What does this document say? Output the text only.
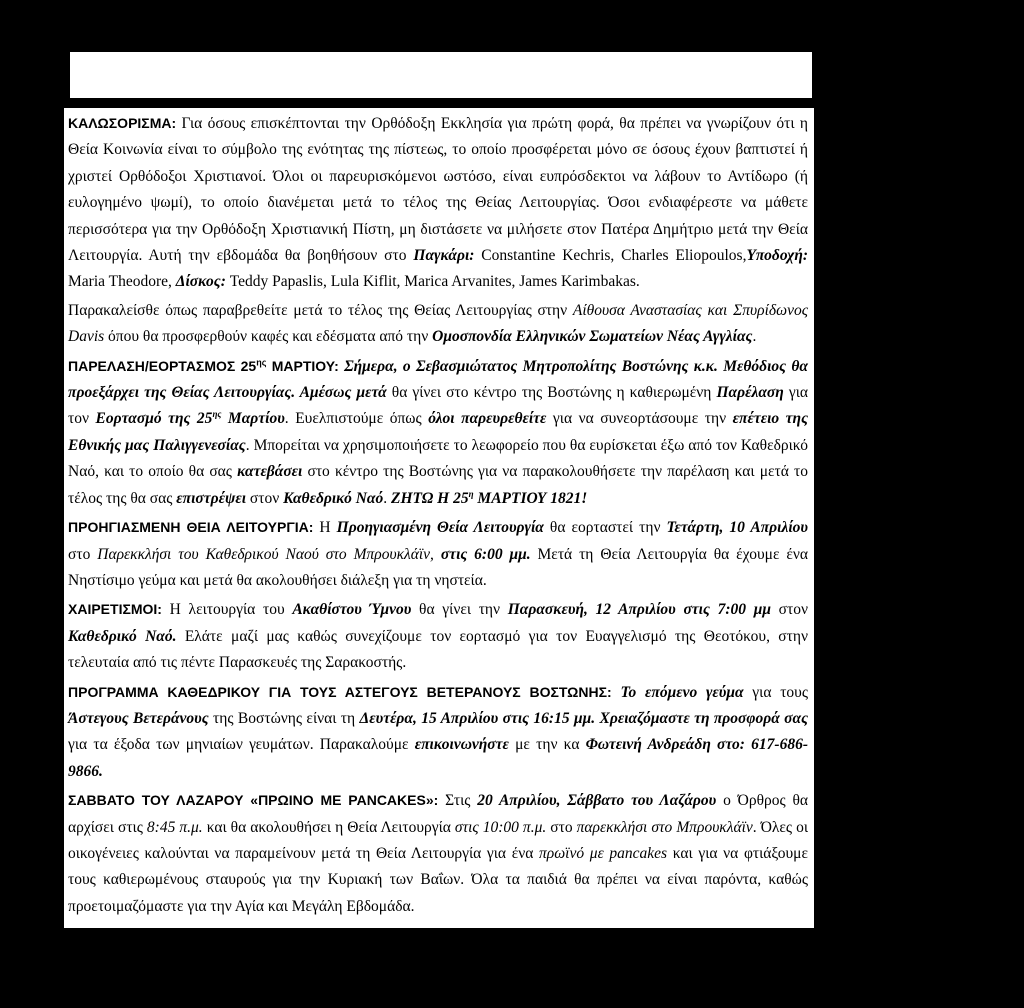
ΚΑΛΩΣΟΡΙΣΜΑ: Για όσους επισκέπτονται την Ορθόδοξη Εκκλησία για πρώτη φορά, θα πρέπει να γνωρίζουν ότι η Θεία Κοινωνία είναι το σύμβολο της ενότητας της πίστεως, το οποίο προσφέρεται μόνο σε όσους έχουν βαπτιστεί ή χριστεί Ορθόδοξοι Χριστιανοί. Όλοι οι παρευρισκόμενοι ωστόσο, είναι ευπρόσδεκτοι να λάβουν το Αντίδωρο (ή ευλογημένο ψωμί), το οποίο διανέμεται μετά το τέλος της Θείας Λειτουργίας. Όσοι ενδιαφέρεστε να μάθετε περισσότερα για την Ορθόδοξη Χριστιανική Πίστη, μη διστάσετε να μιλήσετε στον Πατέρα Δημήτριο μετά την Θεία Λειτουργία. Αυτή την εβδομάδα θα βοηθήσουν στο Παγκάρι: Constantine Kechris, Charles Eliopoulos,Υποδοχή: Maria Theodore, Δίσκος: Teddy Papaslis, Lula Kiflit, Marica Arvanites, James Karimbakas.

Παρακαλείσθε όπως παραβρεθείτε μετά το τέλος της Θείας Λειτουργίας στην Αίθουσα Αναστασίας και Σπυρίδωνος Davis όπου θα προσφερθούν καφές και εδέσματα από την Ομοσπονδία Ελληνικών Σωματείων Νέας Αγγλίας.

ΠΑΡΕΛΑΣΗ/ΕΟΡΤΑΣΜΟΣ $25^{\eta\varsigma}$ ΜΑΡΤΙΟΥ: Σήμερα, ο Σεβασμιώτατος Μητροπολίτης Βοστώνης κ.κ. Μεθόδιος θα προεξάρχει της Θείας Λειτουργίας. Αμέσως μετά θα γίνει στο κέντρο της Βοστώνης η καθιερωμένη Παρέλαση για τον Εορτασμό της $25^{\eta\varsigma}$ Μαρτίου. Ευελπιστούμε όπως όλοι παρευρεθείτε για να συνεορτάσουμε την επέτειο της Εθνικής μας Παλιγγενεσίας. Μπορείται να χρησιμοποιήσετε το λεωφορείο που θα ευρίσκεται έξω από τον Καθεδρικό Ναό, και το οποίο θα σας κατεβάσει στο κέντρο της Βοστώνης για να παρακολουθήσετε την παρέλαση και μετά το τέλος της θα σας επιστρέψει στον Καθεδρικό Ναό. ΖΗΤΩ Η $25^\eta$ ΜΑΡΤΙΟΥ 1821!

ΠΡΟΗΓΙΑΣΜΕΝΗ ΘΕΙΑ ΛΕΙΤΟΥΡΓΙΑ: Η Προηγιασμένη Θεία Λειτουργία θα εορταστεί την Τετάρτη, 10 Απριλίου στο Παρεκκλήσι του Καθεδρικού Ναού στο Μπρουκλάϊν, στις 6:00 μμ. Μετά τη Θεία Λειτουργία θα έχουμε ένα Νηστίσιμο γεύμα και μετά θα ακολουθήσει διάλεξη για τη νηστεία.

ΧΑΙΡΕΤΙΣΜΟΙ: Η λειτουργία του Ακαθίστου Ύμνου θα γίνει την Παρασκευή, 12 Απριλίου στις 7:00 μμ στον Καθεδρικό Ναό. Ελάτε μαζί μας καθώς συνεχίζουμε τον εορτασμό για τον Ευαγγελισμό της Θεοτόκου, στην τελευταία από τις πέντε Παρασκευές της Σαρακοστής.

ΠΡΟΓΡΑΜΜΑ ΚΑΘΕΔΡΙΚΟΥ ΓΙΑ ΤΟΥΣ ΑΣΤΕΓΟΥΣ ΒΕΤΕΡΑΝΟΥΣ ΒΟΣΤΩΝΗΣ: Το επόμενο γεύμα για τους Άστεγους Βετεράνους της Βοστώνης είναι τη Δευτέρα, 15 Απριλίου στις 16:15 μμ. Χρειαζόμαστε τη προσφορά σας για τα έξοδα των μηνιαίων γευμάτων. Παρακαλούμε επικοινωνήστε με την κα Φωτεινή Ανδρεάδη στο: 617-686-9866.

ΣΑΒΒΑΤΟ ΤΟΥ ΛΑΖΑΡΟΥ «ΠΡΩΙΝΟ ΜΕ PANCAKES»: Στις 20 Απριλίου, Σάββατο του Λαζάρου ο Όρθρος θα αρχίσει στις 8:45 π.μ. και θα ακολουθήσει η Θεία Λειτουργία στις 10:00 π.μ. στο παρεκκλήσι στο Μπρουκλάϊν. Όλες οι οικογένειες καλούνται να παραμείνουν μετά τη Θεία Λειτουργία για ένα πρωϊνό με pancakes και για να φτιάξουμε τους καθιερωμένους σταυρούς για την Κυριακή των Βαΐων. Όλα τα παιδιά θα πρέπει να είναι παρόντα, καθώς προετοιμαζόμαστε για την Αγία και Μεγάλη Εβδομάδα.
